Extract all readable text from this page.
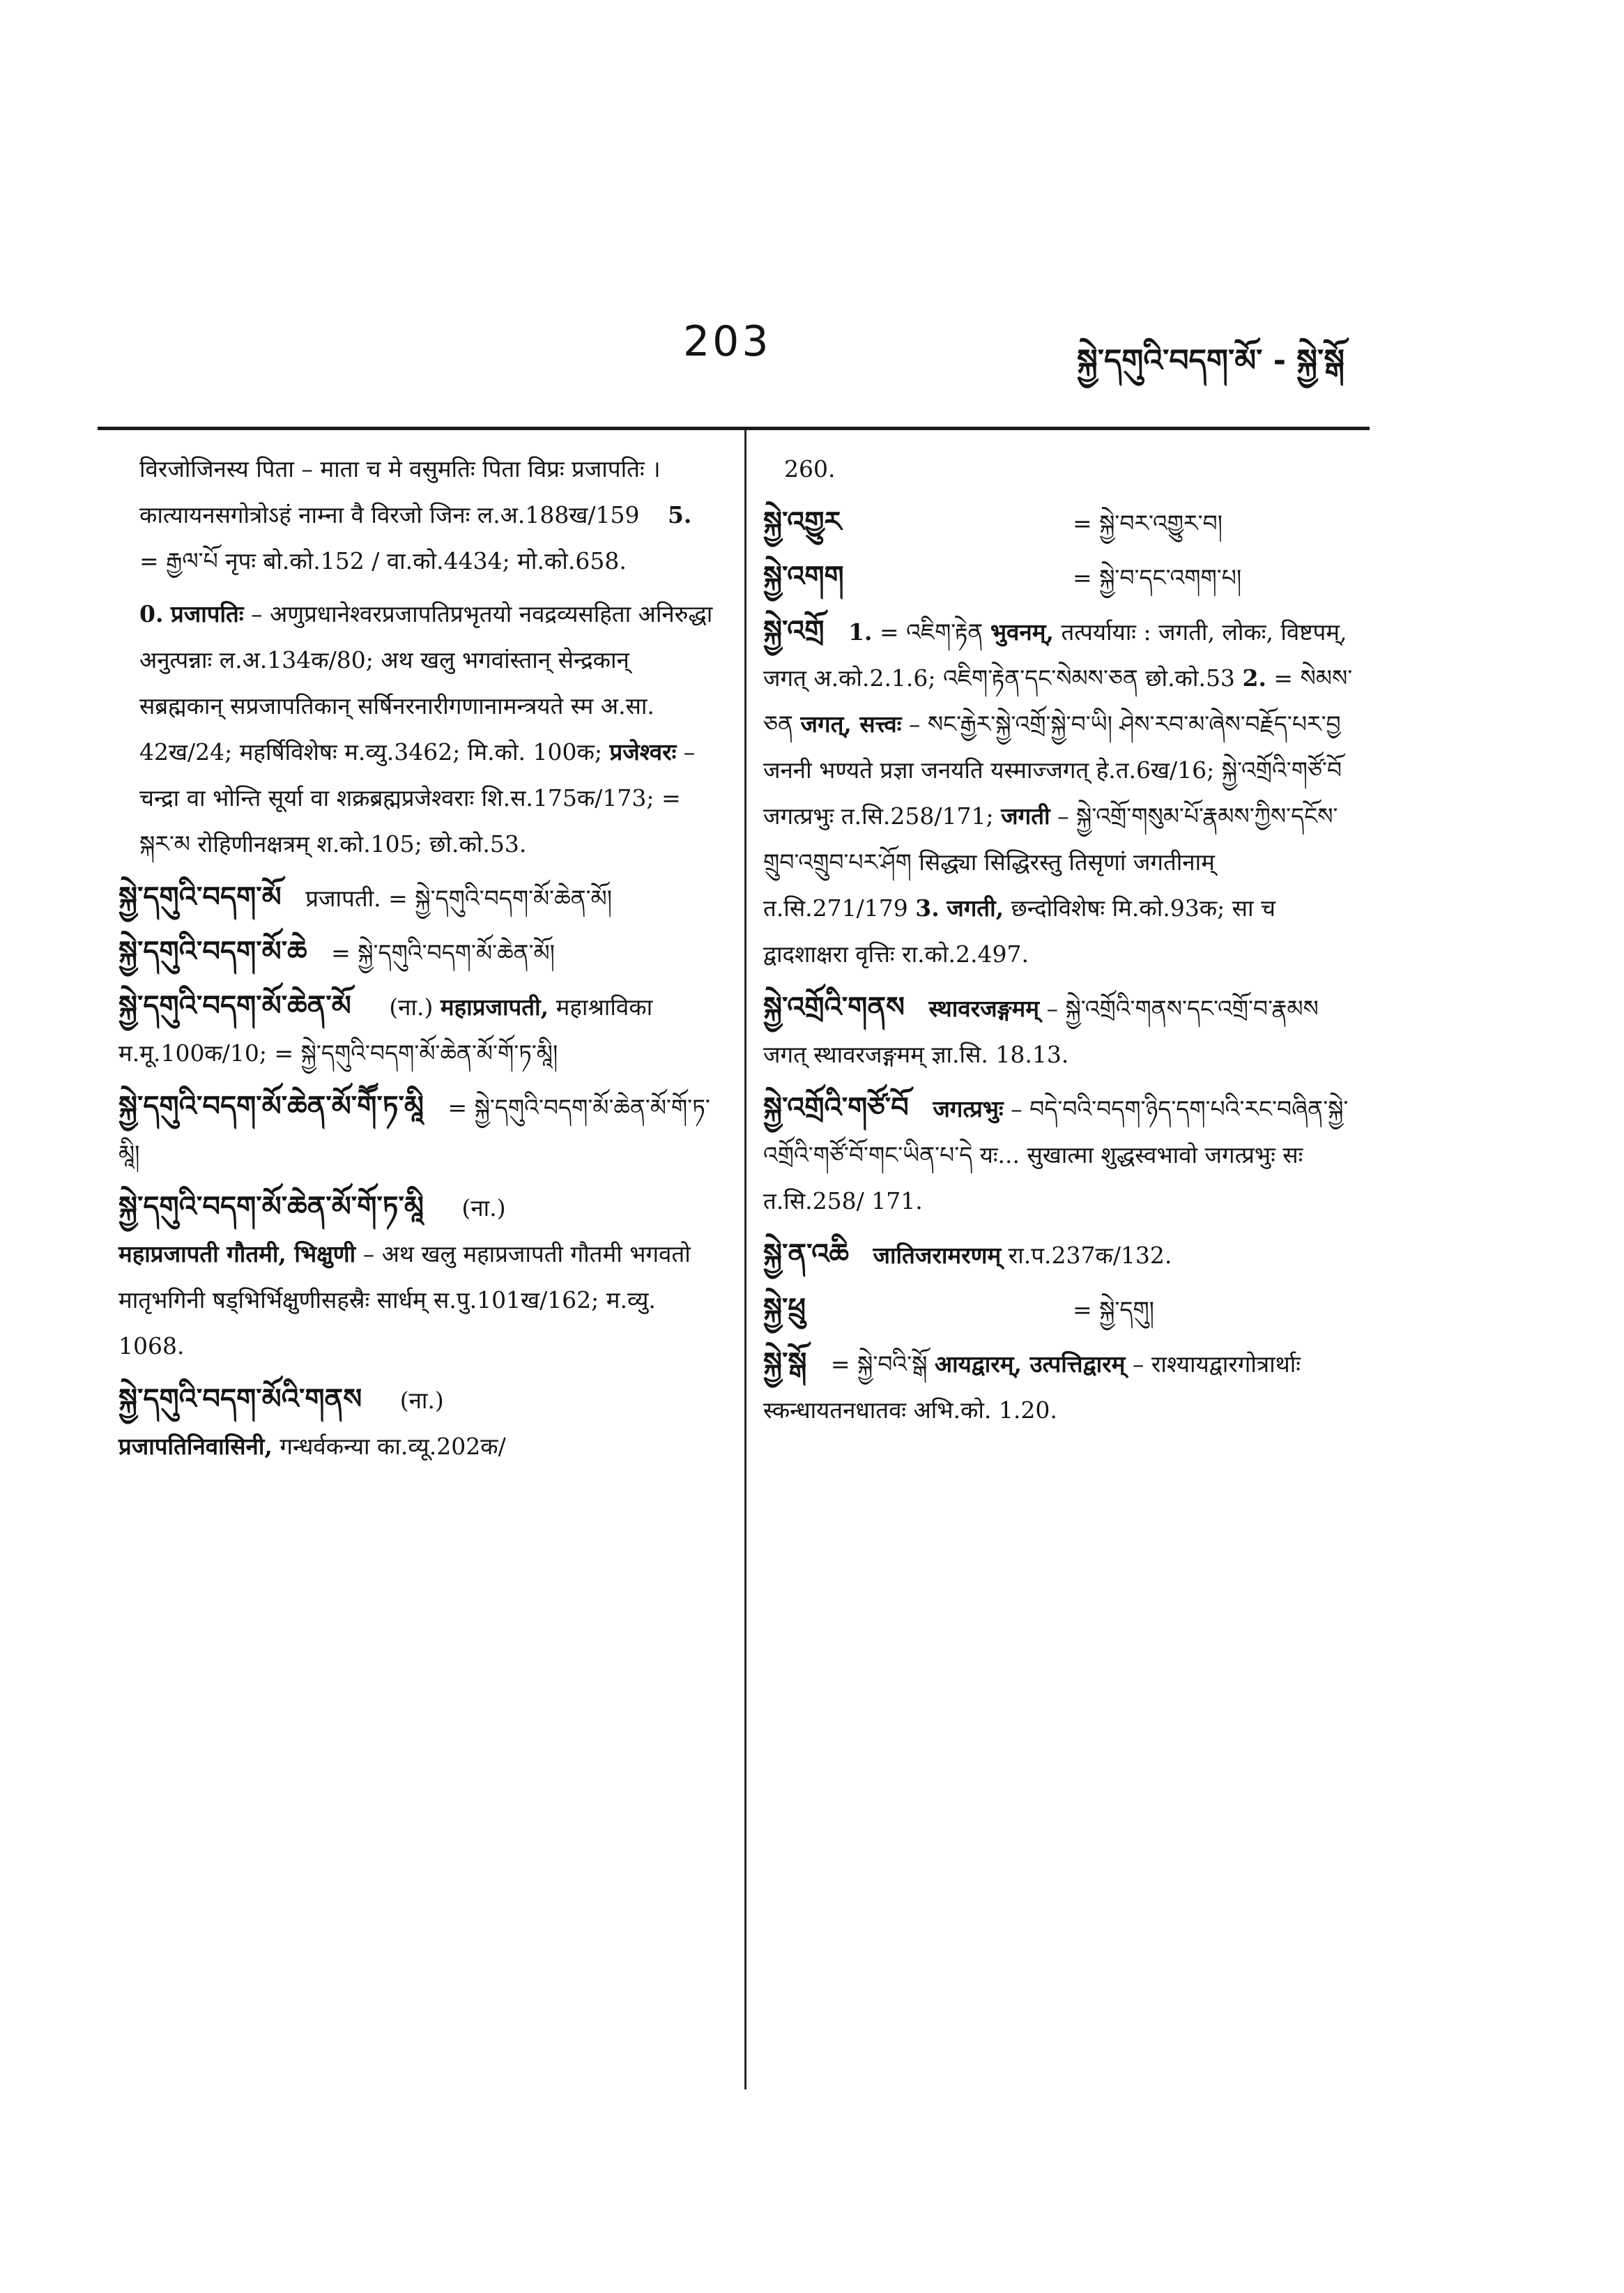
203	སྐྱེ་དགུའི་བདག་མོ་ - སྐྱེ་སྒོ
विरजोजिनस्य पिता – माता च मे वसुमतिः पिता विप्रः प्रजापतिः । कात्यायनसगोत्रोऽहं नाम्ना वै विरजो जिनः ल.अ.188ख/159 5. = རྒྱལ་པོ नृपः बो.को.152 / वा.को.4434; मो.को.658.
0. प्रजापतिः – अणुप्रधानेश्वरप्रजापतिप्रभृतयो नवद्रव्यसहिता अनिरुद्धा अनुत्पन्नाः ल.अ.134क/80; अथ खलु भगवांस्तान् सेन्द्रकान् सब्रह्मकान् सप्रजापतिकान् सर्षिनरनारीगणानामन्त्रयते स्म अ.सा. 42ख/24; महर्षिविशेषः म.व्यु.3462; मि.को. 100क; प्रजेश्वरः – चन्द्रा वा भोन्ति सूर्या वा शक्रब्रह्मप्रजेश्वराः शि.स.175क/173; = སྐར་མ रोहिणीनक्षत्रम् श.को.105; छो.को.53.
སྐྱེ་དགུའི་བདག་མོ प्रजापती. = སྐྱེ་དགུའི་བདག་མོ་ཆེན་མོ།
སྐྱེ་དགུའི་བདག་མོ་ཆེ = སྐྱེ་དགུའི་བདག་མོ་ཆེན་མོ།
སྐྱེ་དགུའི་བདག་མོ་ཆེན་མོ (ना.) महाप्रजापती, महाश्राविका म.मू.100क/10; = སྐྱེ་དགུའི་བདག་མོ་ཆེན་མོ་གོ་ཏ་མཱི།
སྐྱེ་དགུའི་བདག་མོ་ཆེན་མོ་གཽ་ཏ་མཱི = སྐྱེ་དགུའི་བདག་མོ་ཆེན་མོ་གོ་ཏ་མཱི།
སྐྱེ་དགུའི་བདག་མོ་ཆེན་མོ་གོ་ཏ་མཱི (ना.)
महाप्रजापती गौतमी, भिक्षुणी – अथ खलु महाप्रजापती गौतमी भगवतो मातृभगिनी षड्भिर्भिक्षुणीसहस्रैः सार्धम् स.पु.101ख/162; म.व्यु. 1068.
སྐྱེ་དགུའི་བདག་མོའི་གནས (ना.)
प्रजापतिनिवासिनी, गन्धर्वकन्या का.व्यू.202क/
260.
སྐྱེ་འགྱུར	= སྐྱེ་བར་འགྱུར་བ།
སྐྱེ་འགག	= སྐྱེ་བ་དང་འགག་པ།
སྐྱེ་འགྲོ 1. = འཇིག་རྟེན भुवनम्, तत्पर्यायाः : जगती, लोकः, विष्टपम्, जगत् अ.को.2.1.6; འཇིག་རྟེན་དང་སེམས་ཅན छो.को.53 2. = སེམས་ཅན जगत्, सत्त्वः – སང་རྒྱེར་སྐྱེ་འགྲོ་སྐྱེ་བ་ཡི། ཤེས་རབ་མ་ཞེས་བརྗོད་པར་བྱ जननी भण्यते प्रज्ञा जनयति यस्माज्जगत् हे.त.6ख/16; སྐྱེ་འགྲོའི་གཙོ་བོ जगत्प्रभुः त.सि.258/171; जगती – སྐྱེ་འགྲོ་གསུམ་པོ་རྣམས་ཀྱིས་དངོས་གྲུབ་འགྲུབ་པར་ཤོག सिद्ध्या सिद्धिरस्तु तिसृणां जगतीनाम् त.सि.271/179 3. जगती, छन्दोविशेषः मि.को.93क; सा च द्वादशाक्षरा वृत्तिः रा.को.2.497.
སྐྱེ་འགྲོའི་གནས स्थावरजङ्गमम् – སྐྱེ་འགྲོའི་གནས་དང་འགྲོ་བ་རྣམས जगत् स्थावरजङ्गमम् ज्ञा.सि. 18.13.
སྐྱེ་འགྲོའི་གཙོ་བོ जगत्प्रभुः – བདེ་བའི་བདག་ཉིད་དག་པའི་རང་བཞིན་སྐྱེ་འགྲོའི་གཙོ་བོ་གང་ཡིན་པ་དེ यः... सुखात्मा शुद्धस्वभावो जगत्प्रभुः सः त.सि.258/ 171.
སྐྱེ་ན་འཆི जातिजरामरणम् रा.प.237क/132.
སྐྱེ་ཕྲུ	= སྐྱེ་དགུ།
སྐྱེ་སྒོ = སྐྱེ་བའི་སྒོ आयद्वारम्, उत्पत्तिद्वारम् – राश्यायद्वारगोत्रार्थाः स्कन्धायतनधातवः अभि.को. 1.20.
